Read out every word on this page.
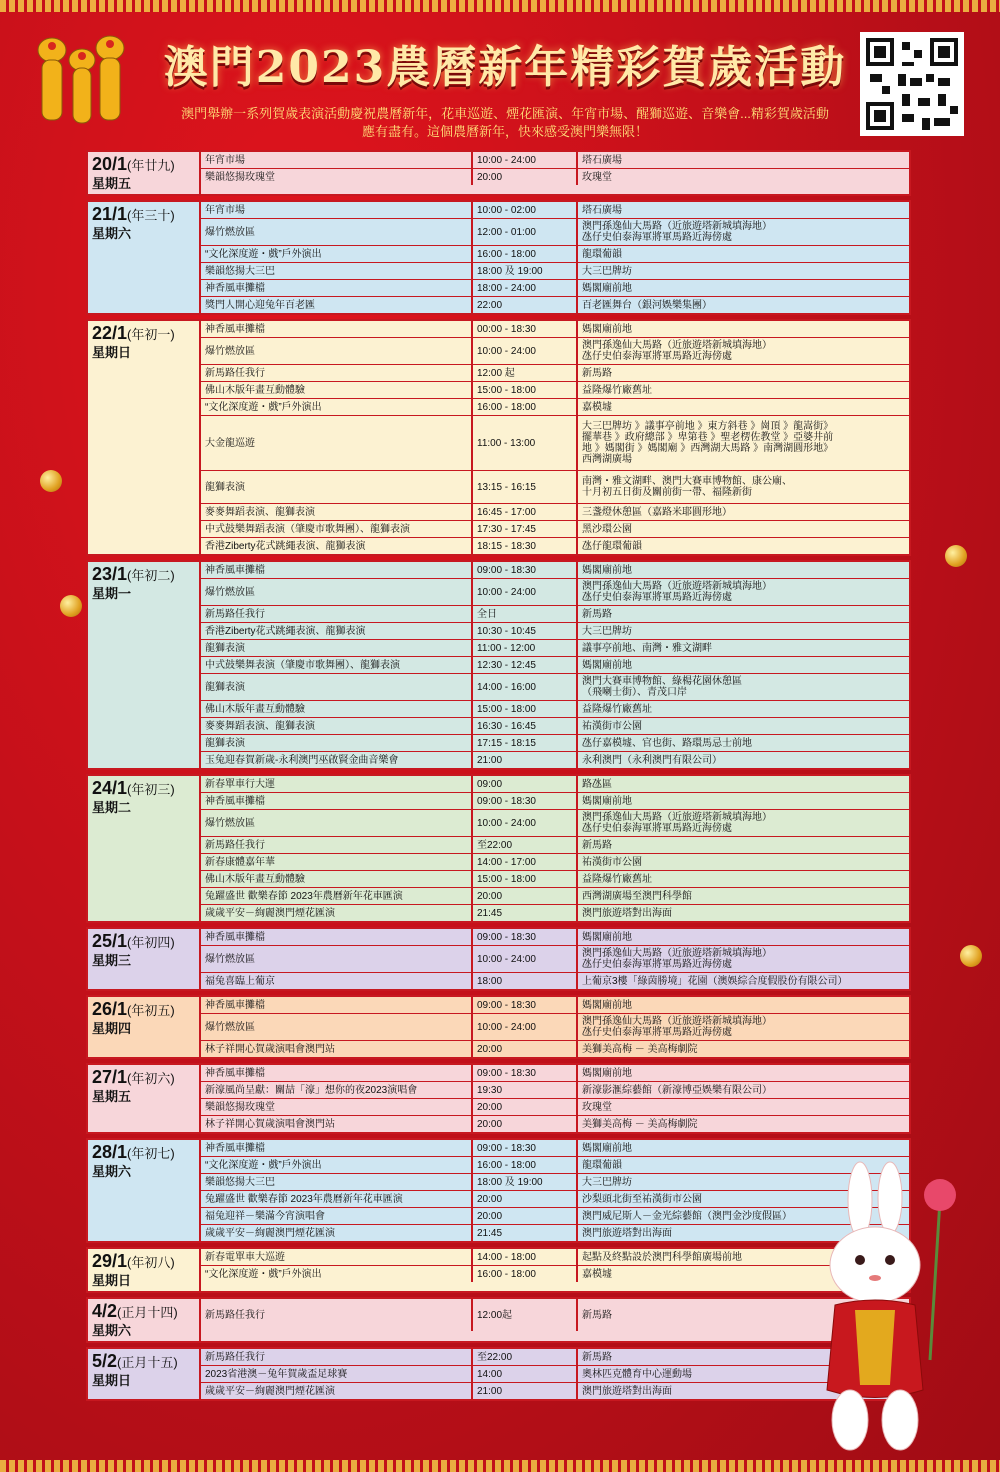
澳門2023農曆新年精彩賀歲活動
澳門舉辦一系列賀歲表演活動慶祝農曆新年，花車巡遊、煙花匯演、年宵市場、醒獅巡遊、音樂會...精彩賀歲活動應有盡有。這個農曆新年，快來感受澳門樂無限！
20/1(年廿九)
星期五
年宵市場	10:00 - 24:00	塔石廣場
樂韻悠揚玫瑰堂	20:00	玫瑰堂
21/1(年三十)
星期六
年宵市場	10:00 - 02:00	塔石廣場
爆竹燃放區	12:00 - 01:00	澳門孫逸仙大馬路（近旅遊塔新城填海地）
氹仔史伯泰海軍將軍馬路近海傍處
“文化深度遊・戲”戶外演出	16:00 - 18:00	龍環葡韻
樂韻悠揚大三巴	18:00 及 19:00	大三巴牌坊
神香風車攤檔	18:00 - 24:00	媽閣廟前地
獎門人開心迎兔年百老匯	22:00	百老匯舞台（銀河娛樂集團）
22/1(年初一)
星期日
神香風車攤檔	00:00 - 18:30	媽閣廟前地
爆竹燃放區	10:00 - 24:00	澳門孫逸仙大馬路（近旅遊塔新城填海地）
氹仔史伯泰海軍將軍馬路近海傍處
新馬路任我行	12:00 起	新馬路
佛山木版年畫互動體驗	15:00 - 18:00	益隆爆竹廠舊址
“文化深度遊・戲”戶外演出	16:00 - 18:00	嘉模墟
大金龍巡遊	11:00 - 13:00
大三巴牌坊 》議事亭前地 》東方斜巷 》崗頂 》龍嵩街》
擺華巷 》政府總部 》卑第巷 》聖老楞佐教堂 》亞婆井前
地 》媽閣街 》媽閣廟 》西灣湖大馬路 》南灣湖圓形地》
西灣湖廣場
龍獅表演	13:15 - 16:15	南灣・雅文湖畔、澳門大賽車博物館、康公廟、
十月初五日街及關前街一帶、福隆新街
麥麥舞蹈表演、龍獅表演	16:45 - 17:00	三盞燈休憩區（嘉路米耶圓形地）
中式鼓樂舞蹈表演（肇慶市歌舞團）、龍獅表演	17:30 - 17:45	黑沙環公園
香港Ziberty花式跳繩表演、龍獅表演	18:15 - 18:30	氹仔龍環葡韻
23/1(年初二)
星期一
神香風車攤檔	09:00 - 18:30	媽閣廟前地
爆竹燃放區	10:00 - 24:00	澳門孫逸仙大馬路（近旅遊塔新城填海地）
氹仔史伯泰海軍將軍馬路近海傍處
新馬路任我行	全日	新馬路
香港Ziberty花式跳繩表演、龍獅表演	10:30 - 10:45	大三巴牌坊
龍獅表演	11:00 - 12:00	議事亭前地、南灣・雅文湖畔
中式鼓樂舞表演（肇慶市歌舞團）、龍獅表演	12:30 - 12:45	媽閣廟前地
龍獅表演	14:00 - 16:00	澳門大賽車博物館、綠楊花園休憩區
（飛喇士街）、青茂口岸
佛山木版年畫互動體驗	15:00 - 18:00	益隆爆竹廠舊址
麥麥舞蹈表演、龍獅表演	16:30 - 16:45	祐漢街市公園
龍獅表演	17:15 - 18:15	氹仔嘉模墟、官也街、路環馬忌士前地
玉兔迎春賀新歲-永利澳門巫啟賢金曲音樂會	21:00	永利澳門（永利澳門有限公司）
24/1(年初三)
星期二
新春單車行大運	09:00	路氹區
神香風車攤檔	09:00 - 18:30	媽閣廟前地
爆竹燃放區	10:00 - 24:00	澳門孫逸仙大馬路（近旅遊塔新城填海地）
氹仔史伯泰海軍將軍馬路近海傍處
新馬路任我行	至22:00	新馬路
新春康體嘉年華	14:00 - 17:00	祐漢街市公園
佛山木版年畫互動體驗	15:00 - 18:00	益隆爆竹廠舊址
兔躍盛世 歡樂春節 2023年農曆新年花車匯演	20:00	西灣湖廣場至澳門科學館
歲歲平安－絢麗澳門煙花匯演	21:45	澳門旅遊塔對出海面
25/1(年初四)
星期三
神香風車攤檔	09:00 - 18:30	媽閣廟前地
爆竹燃放區	10:00 - 24:00	澳門孫逸仙大馬路（近旅遊塔新城填海地）
氹仔史伯泰海軍將軍馬路近海傍處
福兔喜臨上葡京	18:00	上葡京3樓「綠茵勝境」花園（澳娛綜合度假股份有限公司）
26/1(年初五)
星期四
神香風車攤檔	09:00 - 18:30	媽閣廟前地
爆竹燃放區	10:00 - 24:00	澳門孫逸仙大馬路（近旅遊塔新城填海地）
氹仔史伯泰海軍將軍馬路近海傍處
林子祥開心賀歲演唱會澳門站	20:00	美獅美高梅 － 美高梅劇院
27/1(年初六)
星期五
神香風車攤檔	09:00 - 18:30	媽閣廟前地
新濠風尚呈獻：關喆「濠」想你的夜2023演唱會	19:30	新濠影滙綜藝館（新濠博亞娛樂有限公司）
樂韻悠揚玫瑰堂	20:00	玫瑰堂
林子祥開心賀歲演唱會澳門站	20:00	美獅美高梅 － 美高梅劇院
28/1(年初七)
星期六
神香風車攤檔	09:00 - 18:30	媽閣廟前地
“文化深度遊・戲”戶外演出	16:00 - 18:00	龍環葡韻
樂韻悠揚大三巴	18:00 及 19:00	大三巴牌坊
兔躍盛世 歡樂春節 2023年農曆新年花車匯演	20:00	沙梨頭北街至祐漢街市公園
福兔迎祥－樂滿今宵演唱會	20:00	澳門威尼斯人－金光綜藝館（澳門金沙度假區）
歲歲平安－絢麗澳門煙花匯演	21:45	澳門旅遊塔對出海面
29/1(年初八)
星期日
新春電單車大巡遊	14:00 - 18:00	起點及終點設於澳門科學館廣場前地
“文化深度遊・戲”戶外演出	16:00 - 18:00	嘉模墟
4/2(正月十四)
星期六
新馬路任我行	12:00起	新馬路
5/2(正月十五)
星期日
新馬路任我行	至22:00	新馬路
2023省港澳－兔年賀歲盃足球賽	14:00	奧林匹克體育中心運動場
歲歲平安－絢麗澳門煙花匯演	21:00	澳門旅遊塔對出海面
